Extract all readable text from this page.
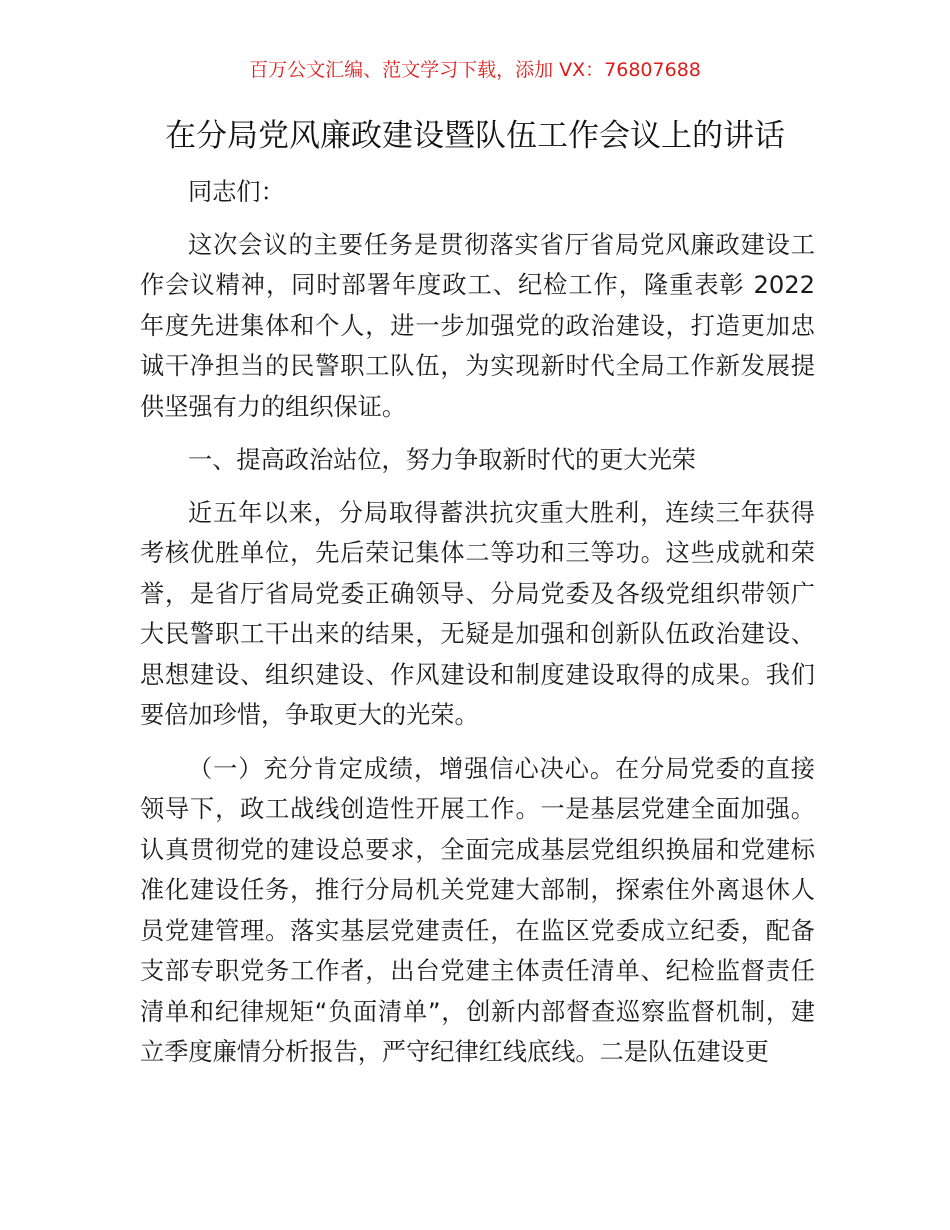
百万公文汇编、范文学习下载，添加 VX：76807688
在分局党风廉政建设暨队伍工作会议上的讲话

同志们：

这次会议的主要任务是贯彻落实省厅省局党风廉政建设工作会议精神，同时部署年度政工、纪检工作，隆重表彰 2022 年度先进集体和个人，进一步加强党的政治建设，打造更加忠诚干净担当的民警职工队伍，为实现新时代全局工作新发展提供坚强有力的组织保证。

一、提高政治站位，努力争取新时代的更大光荣

近五年以来，分局取得蓄洪抗灾重大胜利，连续三年获得考核优胜单位，先后荣记集体二等功和三等功。这些成就和荣誉，是省厅省局党委正确领导、分局党委及各级党组织带领广大民警职工干出来的结果，无疑是加强和创新队伍政治建设、思想建设、组织建设、作风建设和制度建设取得的成果。我们要倍加珍惜，争取更大的光荣。

（一）充分肯定成绩，增强信心决心。在分局党委的直接领导下，政工战线创造性开展工作。一是基层党建全面加强。认真贯彻党的建设总要求，全面完成基层党组织换届和党建标准化建设任务，推行分局机关党建大部制，探索住外离退休人员党建管理。落实基层党建责任，在监区党委成立纪委，配备支部专职党务工作者，出台党建主体责任清单、纪检监督责任清单和纪律规矩“负面清单”，创新内部督查巡察监督机制，建立季度廉情分析报告，严守纪律红线底线。二是队伍建设更
